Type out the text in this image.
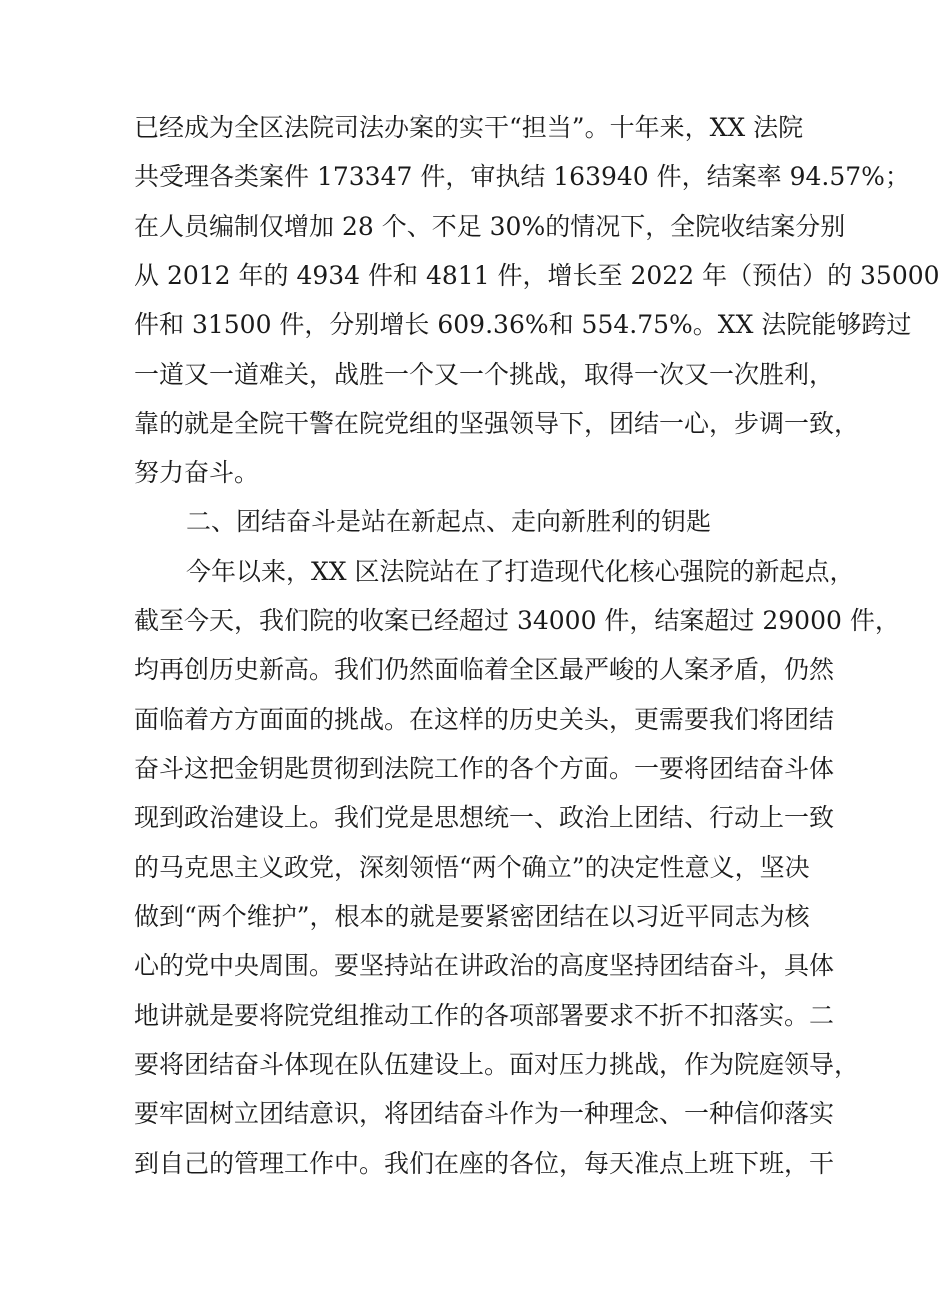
已经成为全区法院司法办案的实干“担当”。十年来，XX 法院
共受理各类案件 173347 件，审执结 163940 件，结案率 94.57%；
在人员编制仅增加 28 个、不足 30%的情况下，全院收结案分别
从 2012 年的 4934 件和 4811 件，增长至 2022 年（预估）的 35000
件和 31500 件，分别增长 609.36%和 554.75%。XX 法院能够跨过
一道又一道难关，战胜一个又一个挑战，取得一次又一次胜利，
靠的就是全院干警在院党组的坚强领导下，团结一心，步调一致，
努力奋斗。
二、团结奋斗是站在新起点、走向新胜利的钥匙
今年以来，XX 区法院站在了打造现代化核心强院的新起点，
截至今天，我们院的收案已经超过 34000 件，结案超过 29000 件，
均再创历史新高。我们仍然面临着全区最严峻的人案矛盾，仍然
面临着方方面面的挑战。在这样的历史关头，更需要我们将团结
奋斗这把金钥匙贯彻到法院工作的各个方面。一要将团结奋斗体
现到政治建设上。我们党是思想统一、政治上团结、行动上一致
的马克思主义政党，深刻领悟“两个确立”的决定性意义，坚决
做到“两个维护”，根本的就是要紧密团结在以习近平同志为核
心的党中央周围。要坚持站在讲政治的高度坚持团结奋斗，具体
地讲就是要将院党组推动工作的各项部署要求不折不扣落实。二
要将团结奋斗体现在队伍建设上。面对压力挑战，作为院庭领导，
要牢固树立团结意识，将团结奋斗作为一种理念、一种信仰落实
到自己的管理工作中。我们在座的各位，每天准点上班下班，干
